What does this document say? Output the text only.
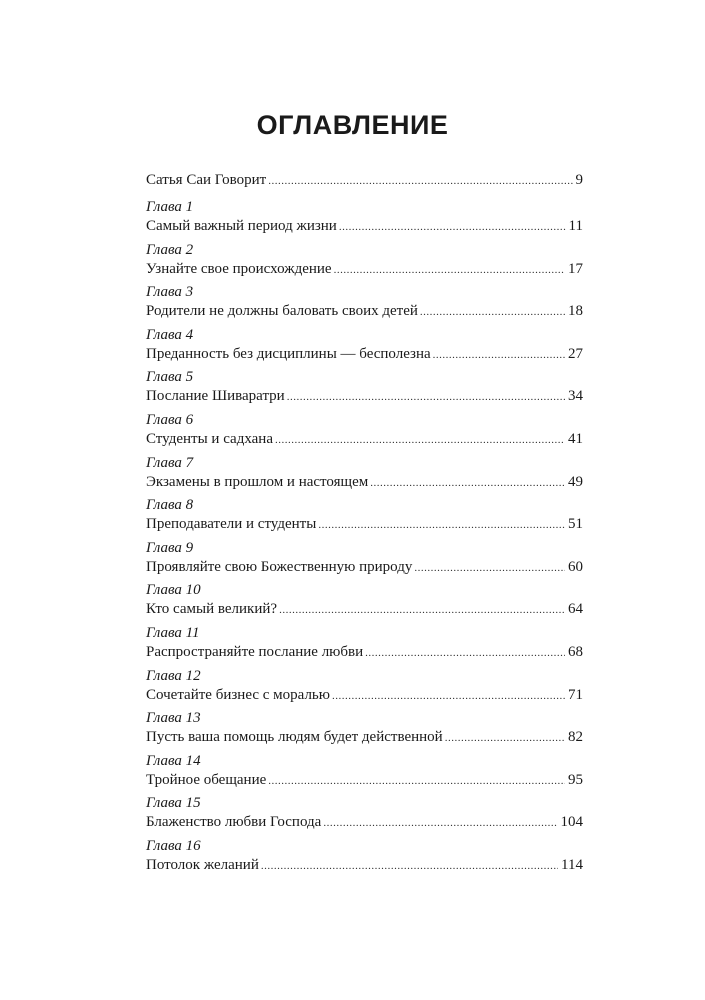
ОГЛАВЛЕНИЕ
Сатья Саи Говорит .....	9
Глава 1
Самый важный период жизни .....	11
Глава 2
Узнайте свое происхождение .....	17
Глава 3
Родители не должны баловать своих детей .....	18
Глава 4
Преданность без дисциплины — бесполезна .....	27
Глава 5
Послание Шиваратри .....	34
Глава 6
Студенты и садхана .....	41
Глава 7
Экзамены в прошлом и настоящем .....	49
Глава 8
Преподаватели и студенты .....	51
Глава 9
Проявляйте свою Божественную природу .....	60
Глава 10
Кто самый великий? .....	64
Глава 11
Распространяйте послание любви .....	68
Глава 12
Сочетайте бизнес с моралью .....	71
Глава 13
Пусть ваша помощь людям будет действенной .....	82
Глава 14
Тройное обещание .....	95
Глава 15
Блаженство любви Господа .....	104
Глава 16
Потолок желаний .....	114
